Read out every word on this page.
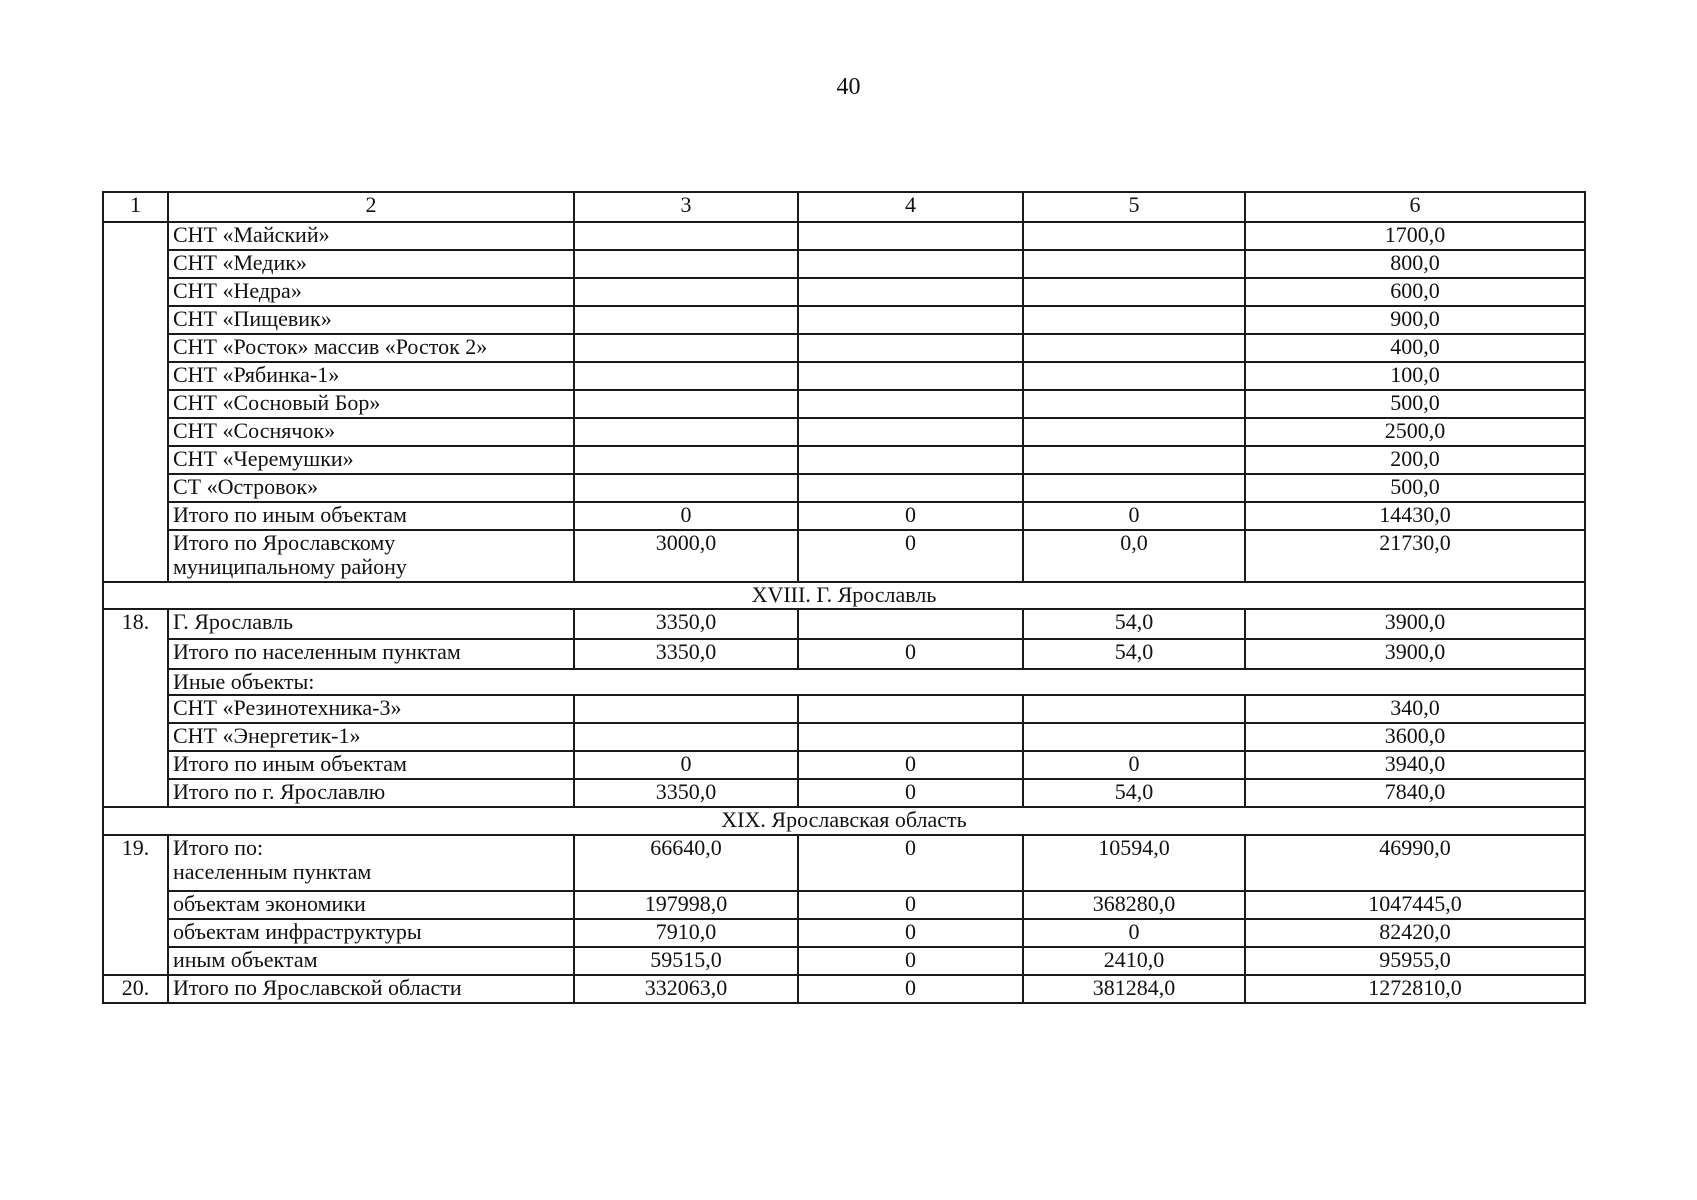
40
1	2	3	4	5	6
	СНТ «Майский»				1700,0
	СНТ «Медик»				800,0
	СНТ «Недра»				600,0
	СНТ «Пищевик»				900,0
	СНТ «Росток» массив «Росток 2»				400,0
	СНТ «Рябинка-1»				100,0
	СНТ «Сосновый Бор»				500,0
	СНТ «Соснячок»				2500,0
	СНТ «Черемушки»				200,0
	СТ «Островок»				500,0
	Итого по иным объектам	0	0	0	14430,0

	Итого по Ярославскому
муниципальному району	3000,0	0	0,0	21730,0
XVIII. Г. Ярославль					
18.	Г. Ярославль	3350,0		54,0	3900,0
	Итого по населенным пунктам	3350,0	0	54,0	3900,0
	Иные объекты:				
	СНТ «Резинотехника-3»				340,0
	СНТ «Энергетик-1»				3600,0
	Итого по иным объектам	0	0	0	3940,0
	Итого по г. Ярославлю	3350,0	0	54,0	7840,0
XIX. Ярославская область					
19.	Итого по:
населенным пунктам	66640,0	0	10594,0	46990,0
	объектам экономики	197998,0	0	368280,0	1047445,0
	объектам инфраструктуры	7910,0	0	0	82420,0
	иным объектам	59515,0	0	2410,0	95955,0
20.	Итого по Ярославской области	332063,0	0	381284,0	1272810,0
